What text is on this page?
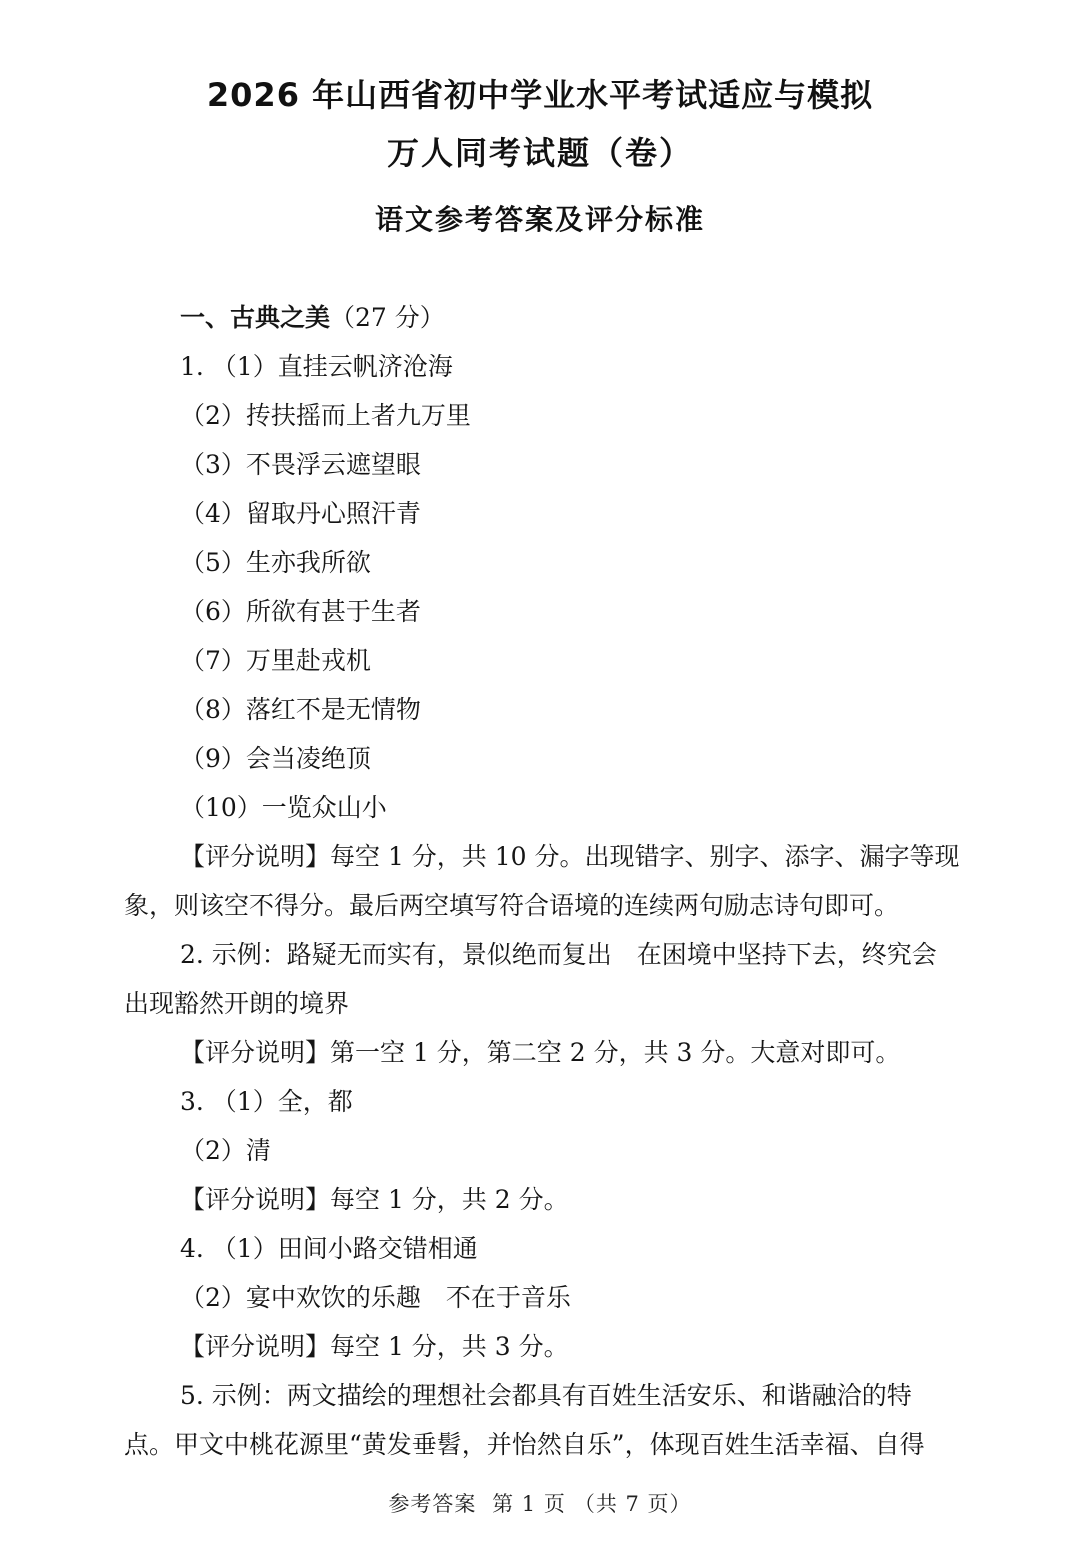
2026 年山西省初中学业水平考试适应与模拟
万人同考试题（卷）
语文参考答案及评分标准
一、古典之美（27 分）
1. （1）直挂云帆济沧海
（2）抟扶摇而上者九万里
（3）不畏浮云遮望眼
（4）留取丹心照汗青
（5）生亦我所欲
（6）所欲有甚于生者
（7）万里赴戎机
（8）落红不是无情物
（9）会当凌绝顶
（10）一览众山小
【评分说明】每空 1 分，共 10 分。出现错字、别字、添字、漏字等现
象，则该空不得分。最后两空填写符合语境的连续两句励志诗句即可。
2. 示例：路疑无而实有，景似绝而复出　在困境中坚持下去，终究会
出现豁然开朗的境界
【评分说明】第一空 1 分，第二空 2 分，共 3 分。大意对即可。
3. （1）全，都
（2）清
【评分说明】每空 1 分，共 2 分。
4. （1）田间小路交错相通
（2）宴中欢饮的乐趣　不在于音乐
【评分说明】每空 1 分，共 3 分。
5. 示例：两文描绘的理想社会都具有百姓生活安乐、和谐融洽的特
点。甲文中桃花源里“黄发垂髫，并怡然自乐”，体现百姓生活幸福、自得
参考答案 第 1 页 （共 7 页）
